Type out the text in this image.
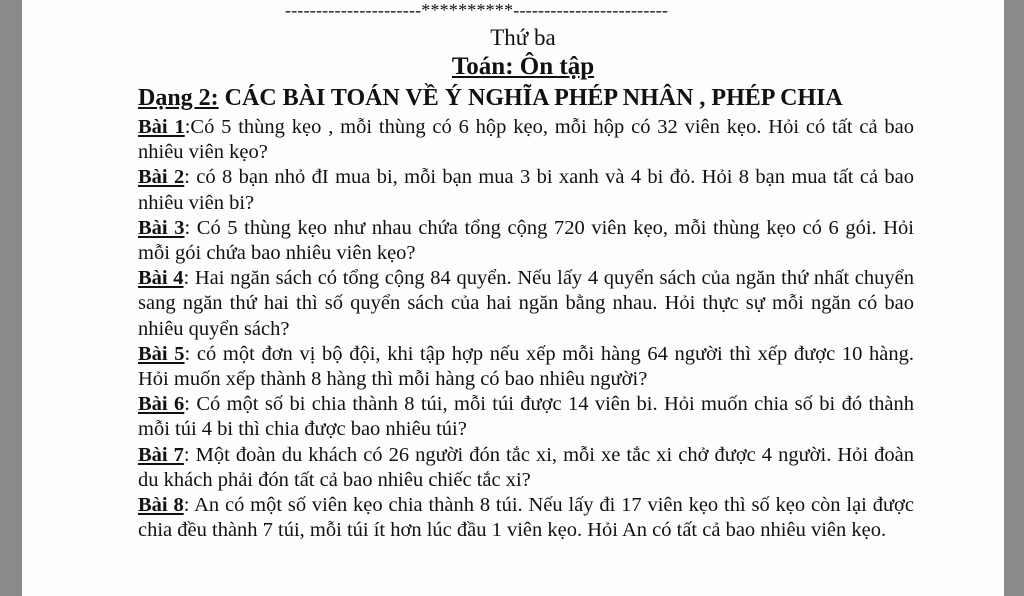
----------------------**********-------------------------
Thứ ba
Toán: Ôn tập
Dạng 2: CÁC BÀI TOÁN VỀ Ý NGHĨA PHÉP NHÂN , PHÉP CHIA

Bài 1:Có 5 thùng kẹo , mỗi thùng có 6 hộp kẹo, mỗi hộp có 32 viên kẹo. Hỏi có tất cả bao nhiêu viên kẹo?

Bài 2: có 8 bạn nhỏ đI mua bi, mỗi bạn mua 3 bi xanh và 4 bi đỏ. Hỏi 8 bạn mua tất cả bao nhiêu viên bi?

Bài 3: Có 5 thùng kẹo như nhau chứa tổng cộng 720 viên kẹo, mỗi thùng kẹo có 6 gói. Hỏi mỗi gói chứa bao nhiêu viên kẹo?

Bài 4: Hai ngăn sách có tổng cộng 84 quyển. Nếu lấy 4 quyển sách của ngăn thứ nhất chuyển sang ngăn thứ hai thì số quyển sách của hai ngăn bằng nhau. Hỏi thực sự mỗi ngăn có bao nhiêu quyển sách?

Bài 5: có một đơn vị bộ đội, khi tập hợp nếu xếp mỗi hàng 64 người thì xếp được 10 hàng. Hỏi muốn xếp thành 8 hàng thì mỗi hàng có bao nhiêu người?

Bài 6: Có một số bi chia thành 8 túi, mỗi túi được 14 viên bi. Hỏi muốn chia số bi đó thành mỗi túi 4 bi thì chia được bao nhiêu túi?

Bài 7: Một đoàn du khách có 26 người đón tắc xi, mỗi xe tắc xi chở được 4 người. Hỏi đoàn du khách phải đón tất cả bao nhiêu chiếc tắc xi?

Bài 8: An có một số viên kẹo chia thành 8 túi. Nếu lấy đi 17 viên kẹo thì số kẹo còn lại được chia đều thành 7 túi, mỗi túi ít hơn lúc đầu 1 viên kẹo. Hỏi An có tất cả bao nhiêu viên kẹo.
